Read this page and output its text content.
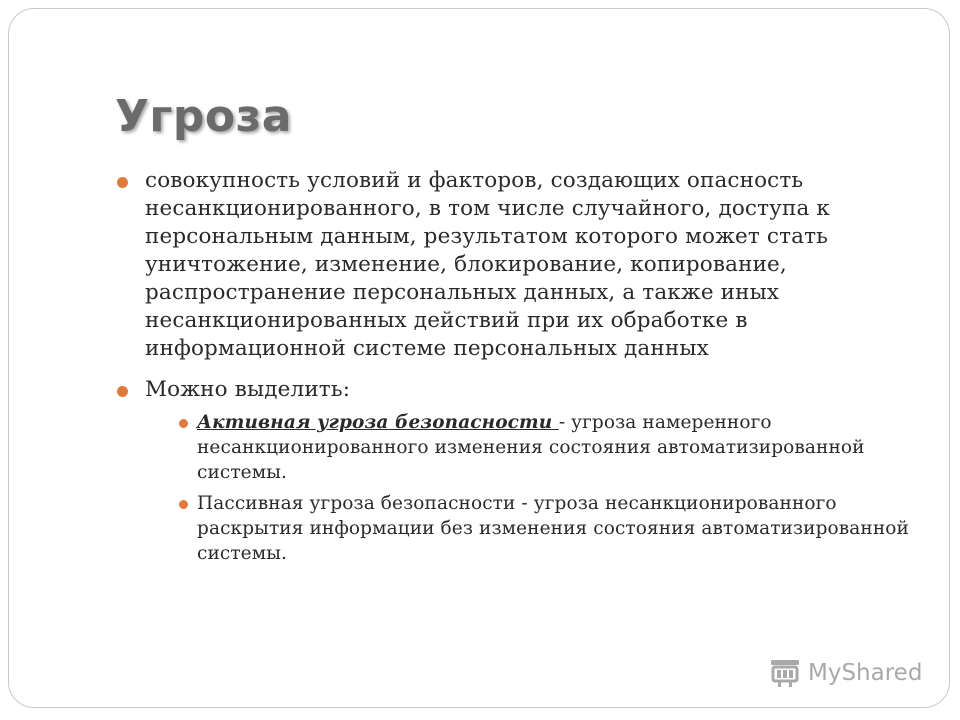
Угроза
совокупность условий и факторов, создающих опасность несанкционированного, в том числе случайного, доступа к персональным данным, результатом которого может стать уничтожение, изменение, блокирование, копирование, распространение персональных данных, а также иных несанкционированных действий при их обработке в информационной системе персональных данных
Можно выделить:
Активная угроза безопасности - угроза намеренного несанкционированного изменения состояния автоматизированной системы.
Пассивная угроза безопасности - угроза несанкционированного раскрытия информации без изменения состояния автоматизированной системы.
MyShared
